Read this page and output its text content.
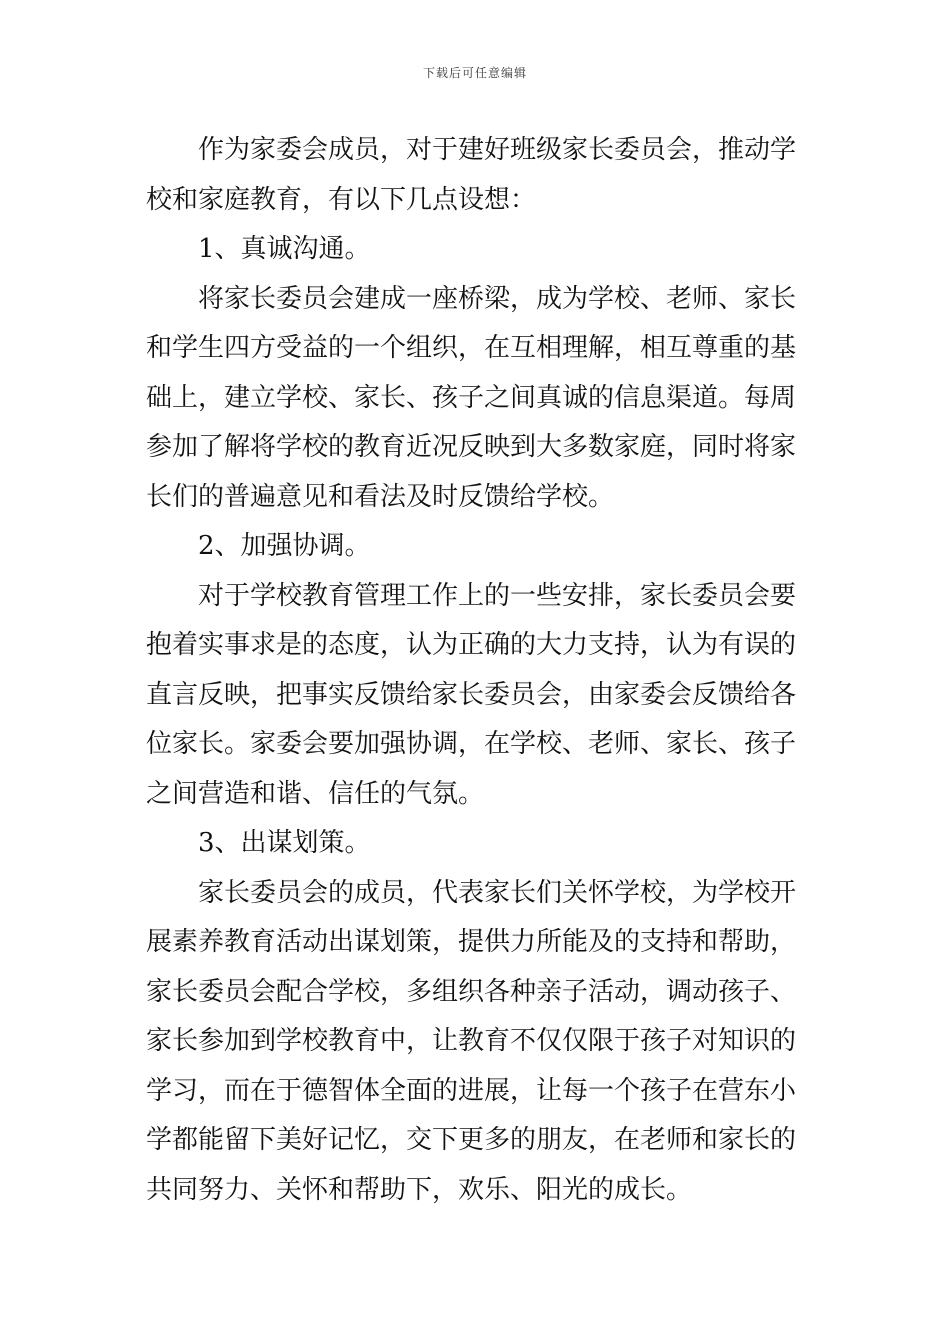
下载后可任意编辑
作为家委会成员，对于建好班级家长委员会，推动学
校和家庭教育，有以下几点设想：
1、真诚沟通。
将家长委员会建成一座桥梁，成为学校、老师、家长
和学生四方受益的一个组织，在互相理解，相互尊重的基
础上，建立学校、家长、孩子之间真诚的信息渠道。每周
参加了解将学校的教育近况反映到大多数家庭，同时将家
长们的普遍意见和看法及时反馈给学校。
2、加强协调。
对于学校教育管理工作上的一些安排，家长委员会要
抱着实事求是的态度，认为正确的大力支持，认为有误的
直言反映，把事实反馈给家长委员会，由家委会反馈给各
位家长。家委会要加强协调，在学校、老师、家长、孩子
之间营造和谐、信任的气氛。
3、出谋划策。
家长委员会的成员，代表家长们关怀学校，为学校开
展素养教育活动出谋划策，提供力所能及的支持和帮助，
家长委员会配合学校，多组织各种亲子活动，调动孩子、
家长参加到学校教育中，让教育不仅仅限于孩子对知识的
学习，而在于德智体全面的进展，让每一个孩子在营东小
学都能留下美好记忆，交下更多的朋友，在老师和家长的
共同努力、关怀和帮助下，欢乐、阳光的成长。
